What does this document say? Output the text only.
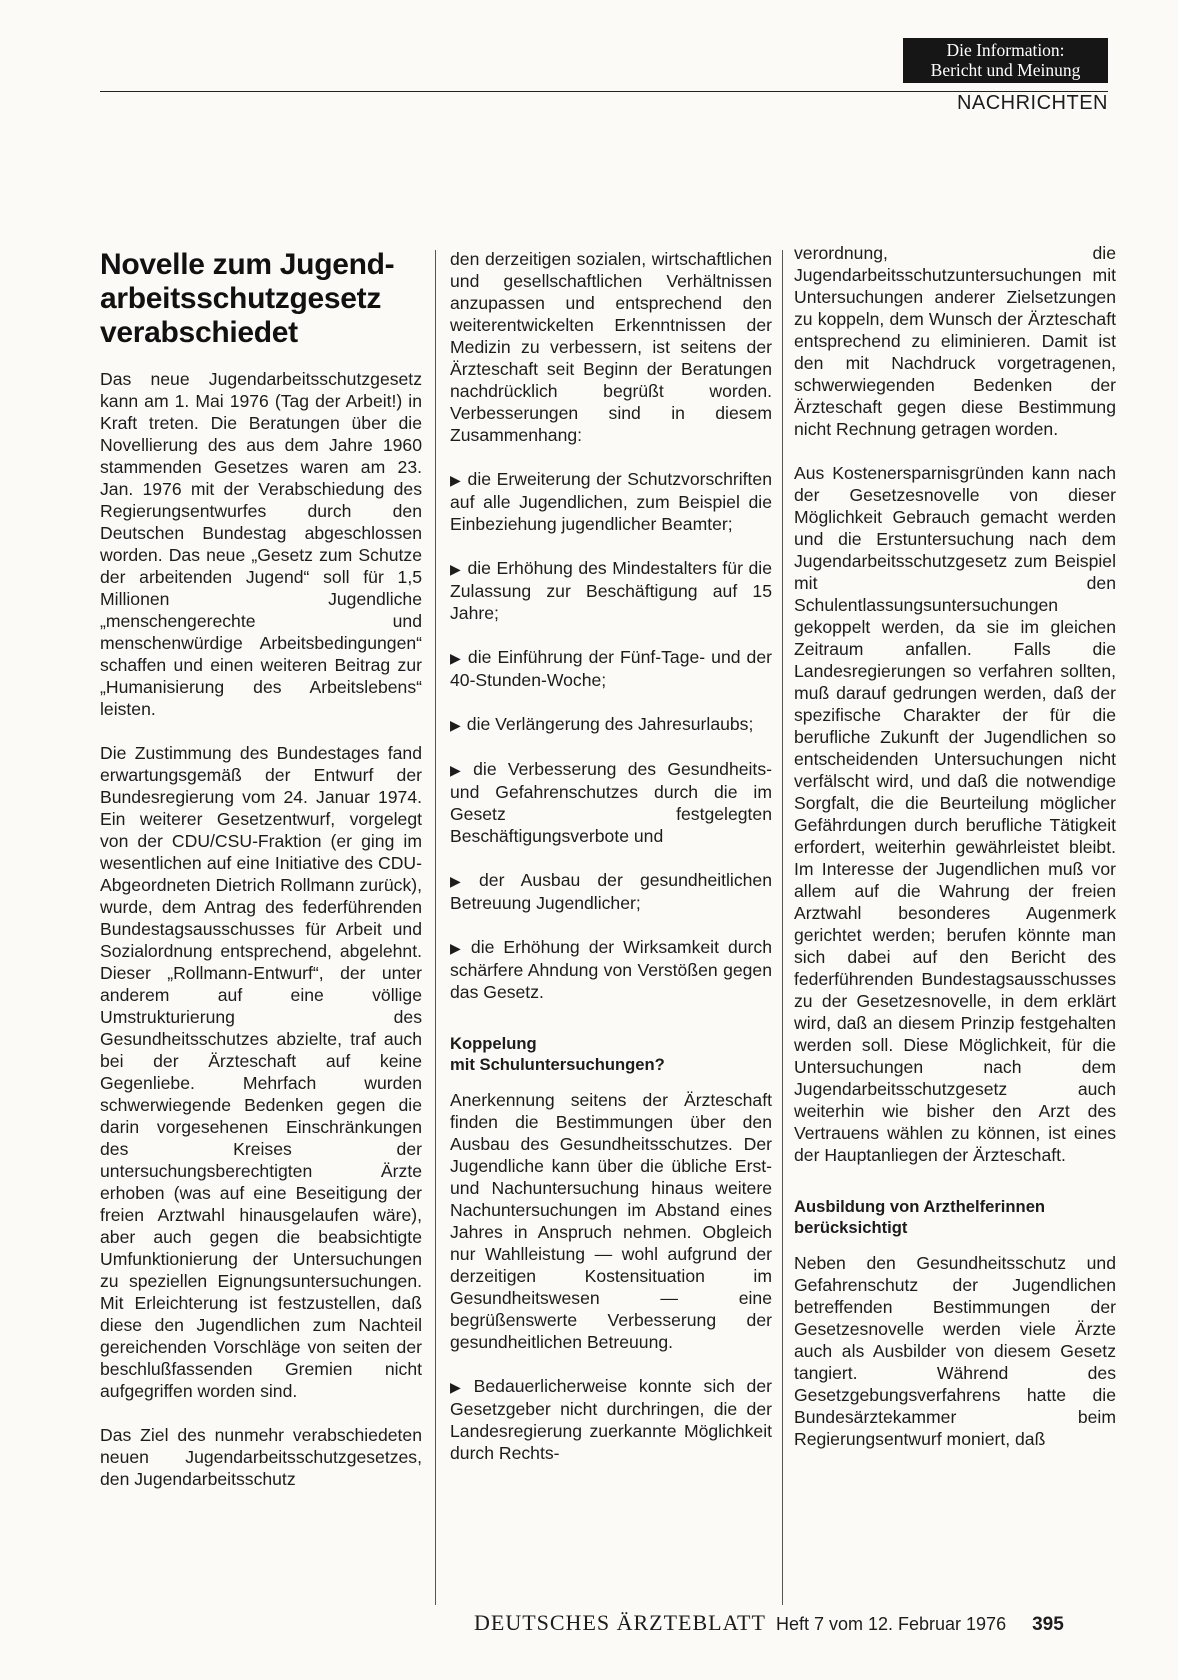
Die Information:
Bericht und Meinung
NACHRICHTEN
Novelle zum Jugend-
arbeitsschutzgesetz
verabschiedet

Das neue Jugendarbeitsschutzgesetz kann am 1. Mai 1976 (Tag der Arbeit!) in Kraft treten. Die Beratungen über die Novellierung des aus dem Jahre 1960 stammenden Gesetzes waren am 23. Jan. 1976 mit der Verabschiedung des Regierungsentwurfes durch den Deutschen Bundestag abgeschlossen worden. Das neue „Gesetz zum Schutze der arbeitenden Jugend“ soll für 1,5 Millionen Jugendliche „menschengerechte und menschenwürdige Arbeitsbedingungen“ schaffen und einen weiteren Beitrag zur „Humanisierung des Arbeitslebens“ leisten.

Die Zustimmung des Bundestages fand erwartungsgemäß der Entwurf der Bundesregierung vom 24. Januar 1974. Ein weiterer Gesetzentwurf, vorgelegt von der CDU/CSU-Fraktion (er ging im wesentlichen auf eine Initiative des CDU-Abgeordneten Dietrich Rollmann zurück), wurde, dem Antrag des federführenden Bundestagsausschusses für Arbeit und Sozialordnung entsprechend, abgelehnt. Dieser „Rollmann-Entwurf“, der unter anderem auf eine völlige Umstrukturierung des Gesundheitsschutzes abzielte, traf auch bei der Ärzteschaft auf keine Gegenliebe. Mehrfach wurden schwerwiegende Bedenken gegen die darin vorgesehenen Einschränkungen des Kreises der untersuchungsberechtigten Ärzte erhoben (was auf eine Beseitigung der freien Arztwahl hinausgelaufen wäre), aber auch gegen die beabsichtigte Umfunktionierung der Untersuchungen zu speziellen Eignungsuntersuchungen. Mit Erleichterung ist festzustellen, daß diese den Jugendlichen zum Nachteil gereichenden Vorschläge von seiten der beschlußfassenden Gremien nicht aufgegriffen worden sind.

Das Ziel des nunmehr verabschiedeten neuen Jugendarbeitsschutzgesetzes, den Jugendarbeitsschutz

den derzeitigen sozialen, wirtschaftlichen und gesellschaftlichen Verhältnissen anzupassen und entsprechend den weiterentwickelten Erkenntnissen der Medizin zu verbessern, ist seitens der Ärzteschaft seit Beginn der Beratungen nachdrücklich begrüßt worden. Verbesserungen sind in diesem Zusammenhang:

▶ die Erweiterung der Schutzvorschriften auf alle Jugendlichen, zum Beispiel die Einbeziehung jugendlicher Beamter;
▶ die Erhöhung des Mindestalters für die Zulassung zur Beschäftigung auf 15 Jahre;
▶ die Einführung der Fünf-Tage- und der 40-Stunden-Woche;
▶ die Verlängerung des Jahresurlaubs;
▶ die Verbesserung des Gesundheits- und Gefahrenschutzes durch die im Gesetz festgelegten Beschäftigungsverbote und
▶ der Ausbau der gesundheitlichen Betreuung Jugendlicher;
▶ die Erhöhung der Wirksamkeit durch schärfere Ahndung von Verstößen gegen das Gesetz.
Koppelung
mit Schuluntersuchungen?

Anerkennung seitens der Ärzteschaft finden die Bestimmungen über den Ausbau des Gesundheitsschutzes. Der Jugendliche kann über die übliche Erst- und Nachuntersuchung hinaus weitere Nachuntersuchungen im Abstand eines Jahres in Anspruch nehmen. Obgleich nur Wahlleistung — wohl aufgrund der derzeitigen Kostensituation im Gesundheitswesen — eine begrüßenswerte Verbesserung der gesundheitlichen Betreuung.

▶ Bedauerlicherweise konnte sich der Gesetzgeber nicht durchringen, die der Landesregierung zuerkannte Möglichkeit durch Rechts-

verordnung, die Jugendarbeitsschutzuntersuchungen mit Untersuchungen anderer Zielsetzungen zu koppeln, dem Wunsch der Ärzteschaft entsprechend zu eliminieren. Damit ist den mit Nachdruck vorgetragenen, schwerwiegenden Bedenken der Ärzteschaft gegen diese Bestimmung nicht Rechnung getragen worden.

Aus Kostenersparnisgründen kann nach der Gesetzesnovelle von dieser Möglichkeit Gebrauch gemacht werden und die Erstuntersuchung nach dem Jugendarbeitsschutzgesetz zum Beispiel mit den Schulentlassungsuntersuchungen gekoppelt werden, da sie im gleichen Zeitraum anfallen. Falls die Landesregierungen so verfahren sollten, muß darauf gedrungen werden, daß der spezifische Charakter der für die berufliche Zukunft der Jugendlichen so entscheidenden Untersuchungen nicht verfälscht wird, und daß die notwendige Sorgfalt, die die Beurteilung möglicher Gefährdungen durch berufliche Tätigkeit erfordert, weiterhin gewährleistet bleibt. Im Interesse der Jugendlichen muß vor allem auf die Wahrung der freien Arztwahl besonderes Augenmerk gerichtet werden; berufen könnte man sich dabei auf den Bericht des federführenden Bundestagsausschusses zu der Gesetzesnovelle, in dem erklärt wird, daß an diesem Prinzip festgehalten werden soll. Diese Möglichkeit, für die Untersuchungen nach dem Jugendarbeitsschutzgesetz auch weiterhin wie bisher den Arzt des Vertrauens wählen zu können, ist eines der Hauptanliegen der Ärzteschaft.

Ausbildung von Arzthelferinnen
berücksichtigt

Neben den Gesundheitsschutz und Gefahrenschutz der Jugendlichen betreffenden Bestimmungen der Gesetzesnovelle werden viele Ärzte auch als Ausbilder von diesem Gesetz tangiert. Während des Gesetzgebungsverfahrens hatte die Bundesärztekammer beim Regierungsentwurf moniert, daß

DEUTSCHES ÄRZTEBLATT Heft 7 vom 12. Februar 1976 395
